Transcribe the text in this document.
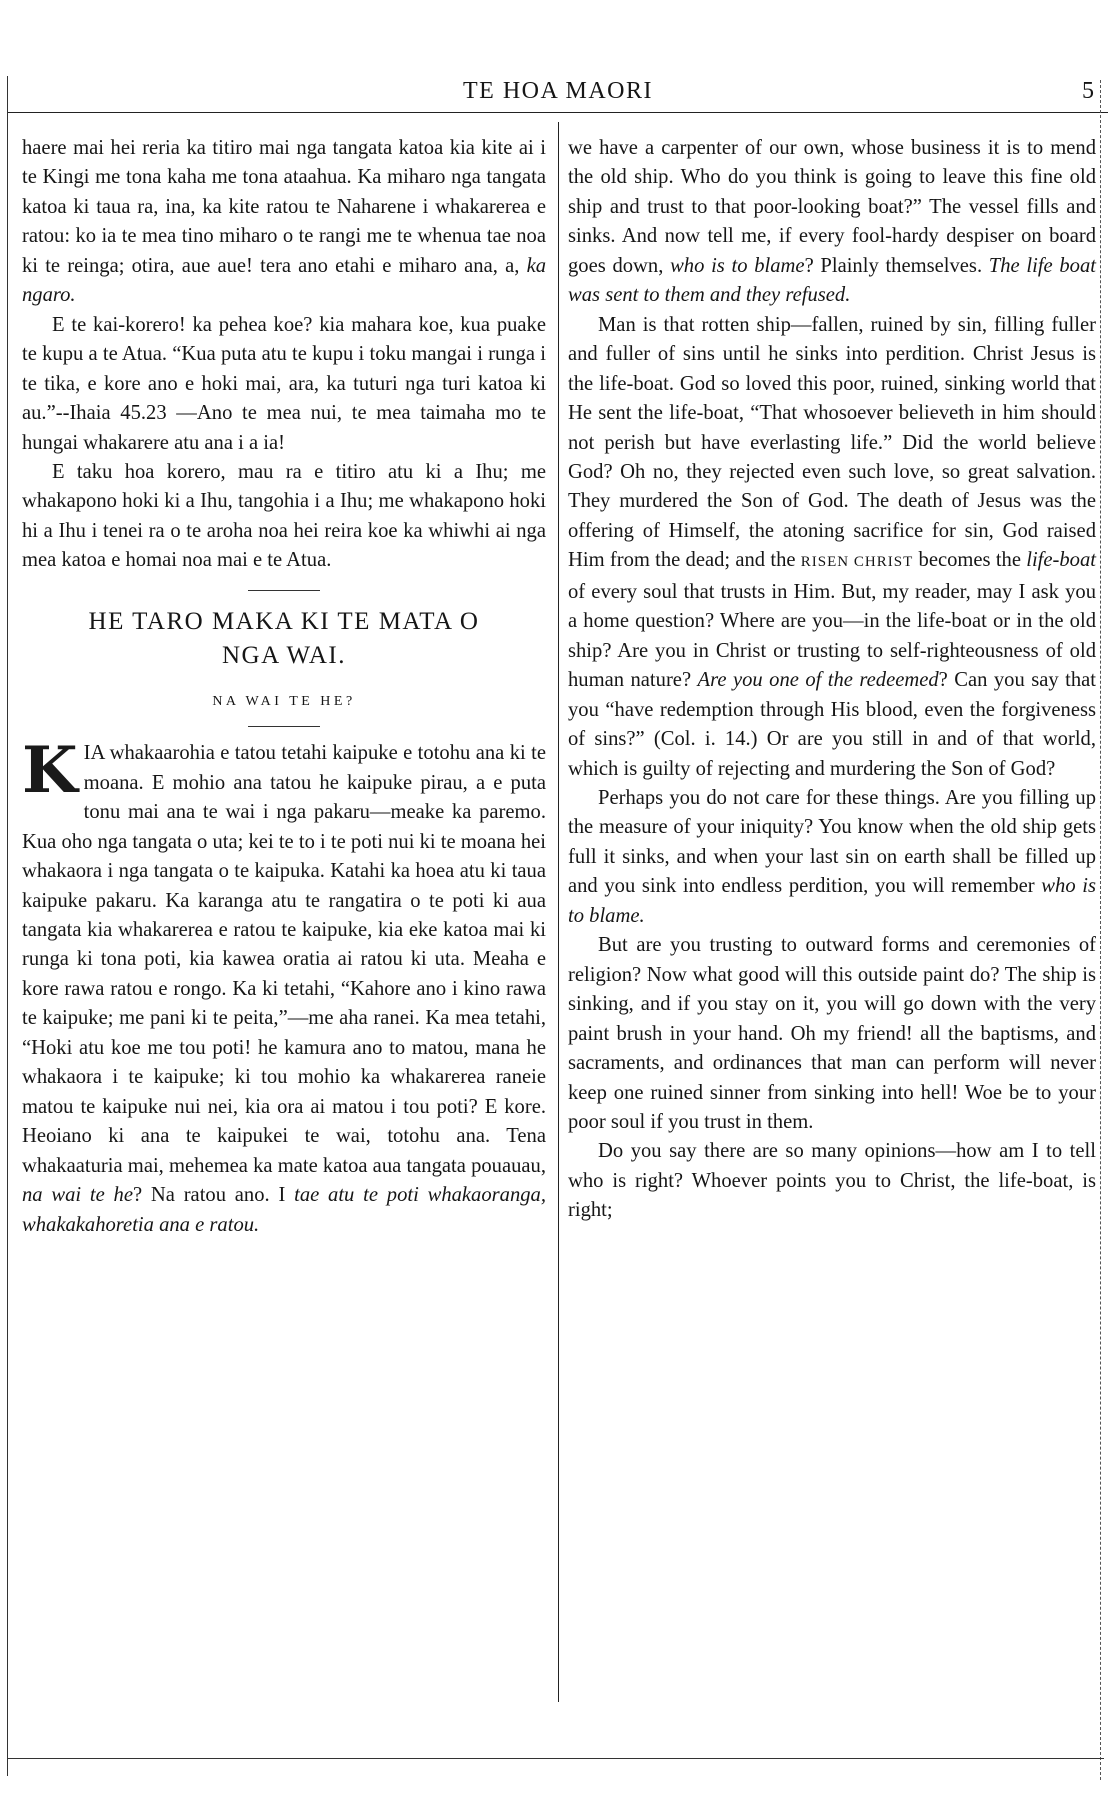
TE HOA MAORI	5

haere mai hei reria ka titiro mai nga tangata katoa kia kite ai i te Kingi me tona kaha me tona ataahua. Ka miharo nga tangata katoa ki taua ra, ina, ka kite ratou te Naharene i whakarerea e ratou: ko ia te mea tino miharo o te rangi me te whenua tae noa ki te reinga; otira, aue aue! tera ano etahi e miharo ana, a, ka ngaro.

E te kai-korero! ka pehea koe? kia mahara koe, kua puake te kupu a te Atua. “Kua puta atu te kupu i toku mangai i runga i te tika, e kore ano e hoki mai, ara, ka tuturi nga turi katoa ki au.”--Ihaia 45.23 —Ano te mea nui, te mea taimaha mo te hungai whakarere atu ana i a ia!

E taku hoa korero, mau ra e titiro atu ki a Ihu; me whakapono hoki ki a Ihu, tangohia i a Ihu; me whakapono hoki hi a Ihu i tenei ra o te aroha noa hei reira koe ka whiwhi ai nga mea katoa e homai noa mai e te Atua.

HE TARO MAKA KI TE MATA O
NGA WAI.
NA WAI TE HE?

KIA whakaarohia e tatou tetahi kaipuke e totohu ana ki te moana. E mohio ana tatou he kaipuke pirau, a e puta tonu mai ana te wai i nga pakaru—meake ka paremo. Kua oho nga tangata o uta; kei te to i te poti nui ki te moana hei whakaora i nga tangata o te kaipuka. Katahi ka hoea atu ki taua kaipuke pakaru. Ka karanga atu te rangatira o te poti ki aua tangata kia whakarerea e ratou te kaipuke, kia eke katoa mai ki runga ki tona poti, kia kawea oratia ai ratou ki uta. Meaha e kore rawa ratou e rongo. Ka ki tetahi, “Kahore ano i kino rawa te kaipuke; me pani ki te peita,”—me aha ranei. Ka mea tetahi, “Hoki atu koe me tou poti! he kamura ano to matou, mana he whakaora i te kaipuke; ki tou mohio ka whakarerea raneie matou te kaipuke nui nei, kia ora ai matou i tou poti? E kore. Heoiano ki ana te kaipukei te wai, totohu ana. Tena whakaaturia mai, mehemea ka mate katoa aua tangata pouauau, na wai te he? Na ratou ano. I tae atu te poti whakaoranga, whakakahoretia ana e ratou.

we have a carpenter of our own, whose business it is to mend the old ship. Who do you think is going to leave this fine old ship and trust to that poor-looking boat?” The vessel fills and sinks. And now tell me, if every fool-hardy despiser on board goes down, who is to blame? Plainly themselves. The life boat was sent to them and they refused.

Man is that rotten ship—fallen, ruined by sin, filling fuller and fuller of sins until he sinks into perdition. Christ Jesus is the life-boat. God so loved this poor, ruined, sinking world that He sent the life-boat, “That whosoever believeth in him should not perish but have everlasting life.” Did the world believe God? Oh no, they rejected even such love, so great salvation. They murdered the Son of God. The death of Jesus was the offering of Himself, the atoning sacrifice for sin, God raised Him from the dead; and the RISEN CHRIST becomes the life-boat of every soul that trusts in Him. But, my reader, may I ask you a home question? Where are you—in the life-boat or in the old ship? Are you in Christ or trusting to self-righteousness of old human nature? Are you one of the redeemed? Can you say that you “have redemption through His blood, even the forgiveness of sins?” (Col. i. 14.) Or are you still in and of that world, which is guilty of rejecting and murdering the Son of God?

Perhaps you do not care for these things. Are you filling up the measure of your iniquity? You know when the old ship gets full it sinks, and when your last sin on earth shall be filled up and you sink into endless perdition, you will remember who is to blame.

But are you trusting to outward forms and ceremonies of religion? Now what good will this outside paint do? The ship is sinking, and if you stay on it, you will go down with the very paint brush in your hand. Oh my friend! all the baptisms, and sacraments, and ordinances that man can perform will never keep one ruined sinner from sinking into hell! Woe be to your poor soul if you trust in them.

Do you say there are so many opinions—how am I to tell who is right? Whoever points you to Christ, the life-boat, is right;
